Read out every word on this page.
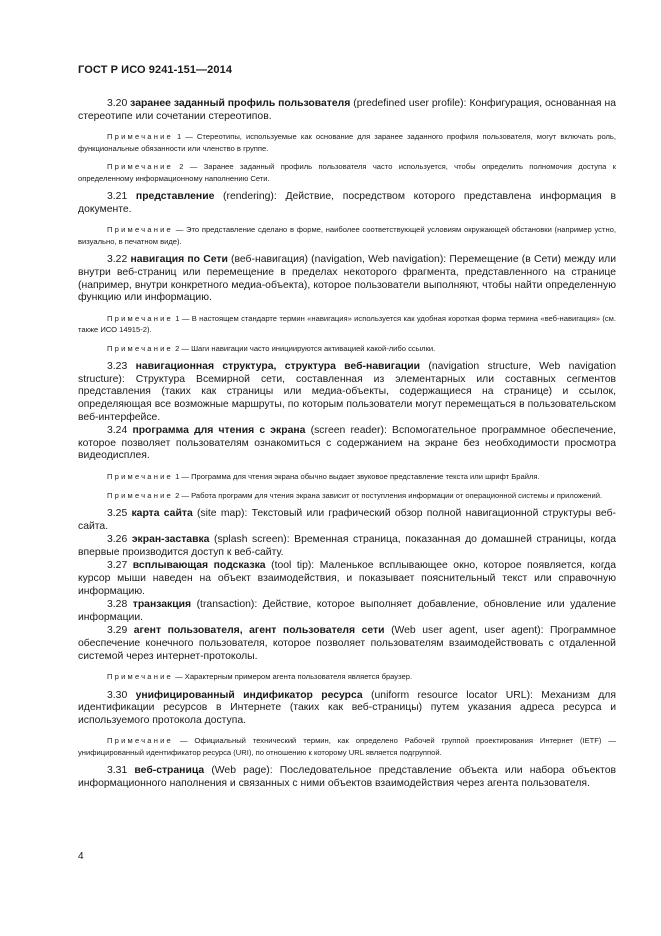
ГОСТ Р ИСО 9241-151—2014

3.20 заранее заданный профиль пользователя (predefined user profile): Конфигурация, основанная на стереотипе или сочетании стереотипов.

Примечание 1 — Стереотипы, используемые как основание для заранее заданного профиля пользователя, могут включать роль, функциональные обязанности или членство в группе.

Примечание 2 — Заранее заданный профиль пользователя часто используется, чтобы определить полномочия доступа к определенному информационному наполнению Сети.

3.21 представление (rendering): Действие, посредством которого представлена информация в документе.

Примечание — Это представление сделано в форме, наиболее соответствующей условиям окружающей обстановки (например устно, визуально, в печатном виде).

3.22 навигация по Сети (веб-навигация) (navigation, Web navigation): Перемещение (в Сети) между или внутри веб-страниц или перемещение в пределах некоторого фрагмента, представленного на странице (например, внутри конкретного медиа-объекта), которое пользователи выполняют, чтобы найти определенную функцию или информацию.

Примечание 1 — В настоящем стандарте термин «навигация» используется как удобная короткая форма термина «веб-навигация» (см. также ИСО 14915-2).

Примечание 2 — Шаги навигации часто инициируются активацией какой-либо ссылки.

3.23 навигационная структура, структура веб-навигации (navigation structure, Web navigation structure): Структура Всемирной сети, составленная из элементарных или составных сегментов представления (таких как страницы или медиа-объекты, содержащиеся на странице) и ссылок, определяющая все возможные маршруты, по которым пользователи могут перемещаться в пользовательском веб-интерфейсе.

3.24 программа для чтения с экрана (screen reader): Вспомогательное программное обеспечение, которое позволяет пользователям ознакомиться с содержанием на экране без необходимости просмотра видеодисплея.

Примечание 1 — Программа для чтения экрана обычно выдает звуковое представление текста или шрифт Брайля.

Примечание 2 — Работа программ для чтения экрана зависит от поступления информации от операционной системы и приложений.

3.25 карта сайта (site map): Текстовый или графический обзор полной навигационной структуры веб-сайта.

3.26 экран-заставка (splash screen): Временная страница, показанная до домашней страницы, когда впервые производится доступ к веб-сайту.

3.27 всплывающая подсказка (tool tip): Маленькое всплывающее окно, которое появляется, когда курсор мыши наведен на объект взаимодействия, и показывает пояснительный текст или справочную информацию.

3.28 транзакция (transaction): Действие, которое выполняет добавление, обновление или удаление информации.

3.29 агент пользователя, агент пользователя сети (Web user agent, user agent): Программное обеспечение конечного пользователя, которое позволяет пользователям взаимодействовать с отдаленной системой через интернет-протоколы.

Примечание — Характерным примером агента пользователя является браузер.

3.30 унифицированный индификатор ресурса (uniform resource locator URL): Механизм для идентификации ресурсов в Интернете (таких как веб-страницы) путем указания адреса ресурса и используемого протокола доступа.

Примечание — Официальный технический термин, как определено Рабочей группой проектирования Интернет (IETF) — унифицированный идентификатор ресурса (URI), по отношению к которому URL является подгруппой.

3.31 веб-страница (Web page): Последовательное представление объекта или набора объектов информационного наполнения и связанных с ними объектов взаимодействия через агента пользователя.

4
